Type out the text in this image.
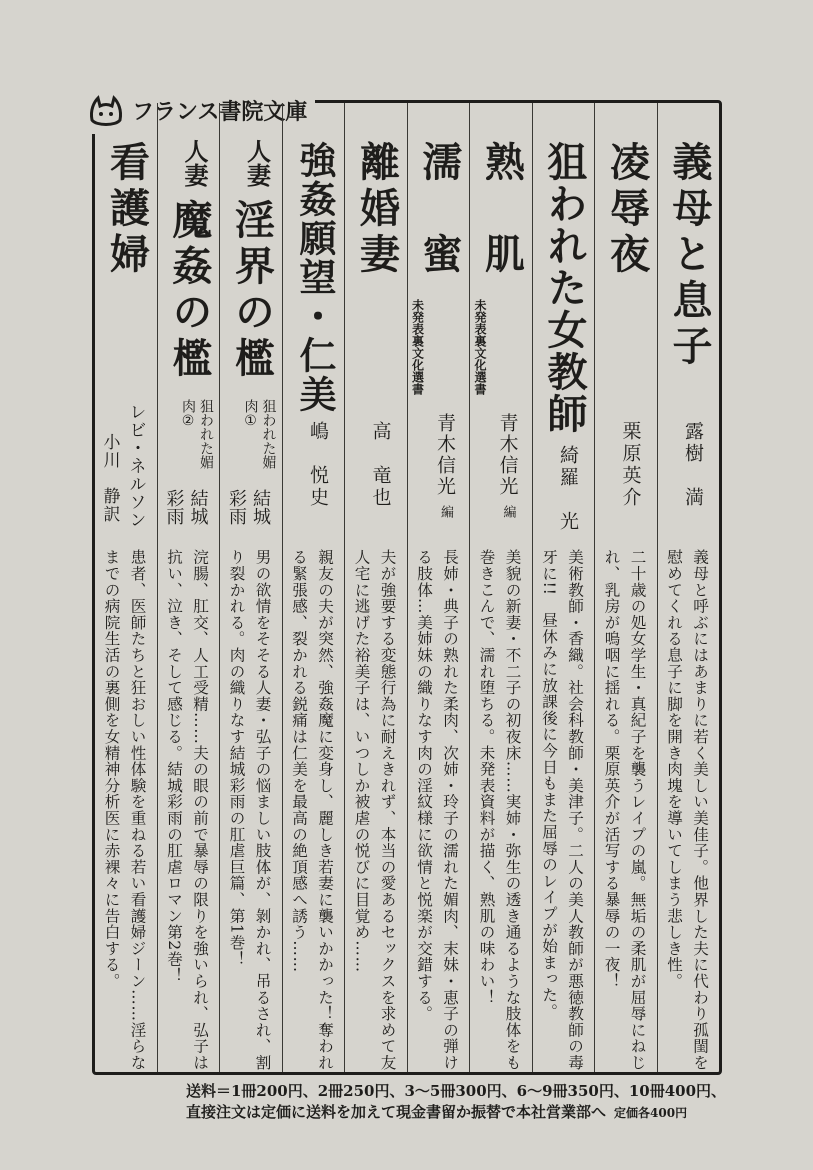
フランス書院文庫
義母と息子
露樹　満
義母と呼ぶにはあまりに若く美しい美佳子。他界した夫に代わり孤閨を慰めてくれる息子に脚を開き肉塊を導いてしまう悲しき性。
凌辱夜
栗原英介
二十歳の処女学生・真紀子を襲うレイプの嵐。無垢の柔肌が屈辱にねじれ、乳房が嗚咽に揺れる。栗原英介が活写する暴辱の一夜！
狙われた女教師
綺羅　光
美術教師・香織。社会科教師・美津子。二人の美人教師が悪徳教師の毒牙に!!　昼休みに放課後に今日もまた屈辱のレイプが始まった。
熟　肌
未発表裏文化選書
青木信光 編
美貌の新妻・不二子の初夜床……実姉・弥生の透き通るような肢体をも巻きこんで、濡れ堕ちる。未発表資料が描く、熟肌の味わい！
濡　蜜
未発表裏文化選書
青木信光 編
長姉・典子の熟れた柔肉、次姉・玲子の濡れた媚肉、末妹・恵子の弾ける肢体…美姉妹の織りなす肉の淫紋様に欲情と悦楽が交錯する。
離婚妻
高　竜也
夫が強要する変態行為に耐えきれず、本当の愛あるセックスを求めて友人宅に逃げた裕美子は、いつしか被虐の悦びに目覚め……
強姦願望・仁美
嶋　悦史
親友の夫が突然、強姦魔に変身し、麗しき若妻に襲いかかった！奪われる緊張感、裂かれる鋭痛は仁美を最高の絶頂感へ誘う……
人妻
淫界の檻
狙われた媚肉①
結城彩雨
男の欲情をそそる人妻・弘子の悩ましい肢体が、剝かれ、吊るされ、割り裂かれる。肉の織りなす結城彩雨の肛虐巨篇、第1巻！
人妻
魔姦の檻
狙われた媚肉②
結城彩雨
浣腸、肛交、人工受精……夫の眼の前で暴辱の限りを強いられ、弘子は抗い、泣き、そして感じる。結城彩雨の肛虐ロマン第2巻！
看護婦
レビ・ネルソン
小川　静訳
患者、医師たちと狂おしい性体験を重ねる若い看護婦ジーン……淫らなまでの病院生活の裏側を女精神分析医に赤裸々に告白する。
送料＝1冊200円、2冊250円、3～5冊300円、6～9冊350円、10冊400円、
直接注文は定価に送料を加えて現金書留か振替で本社営業部へ 定価各400円
